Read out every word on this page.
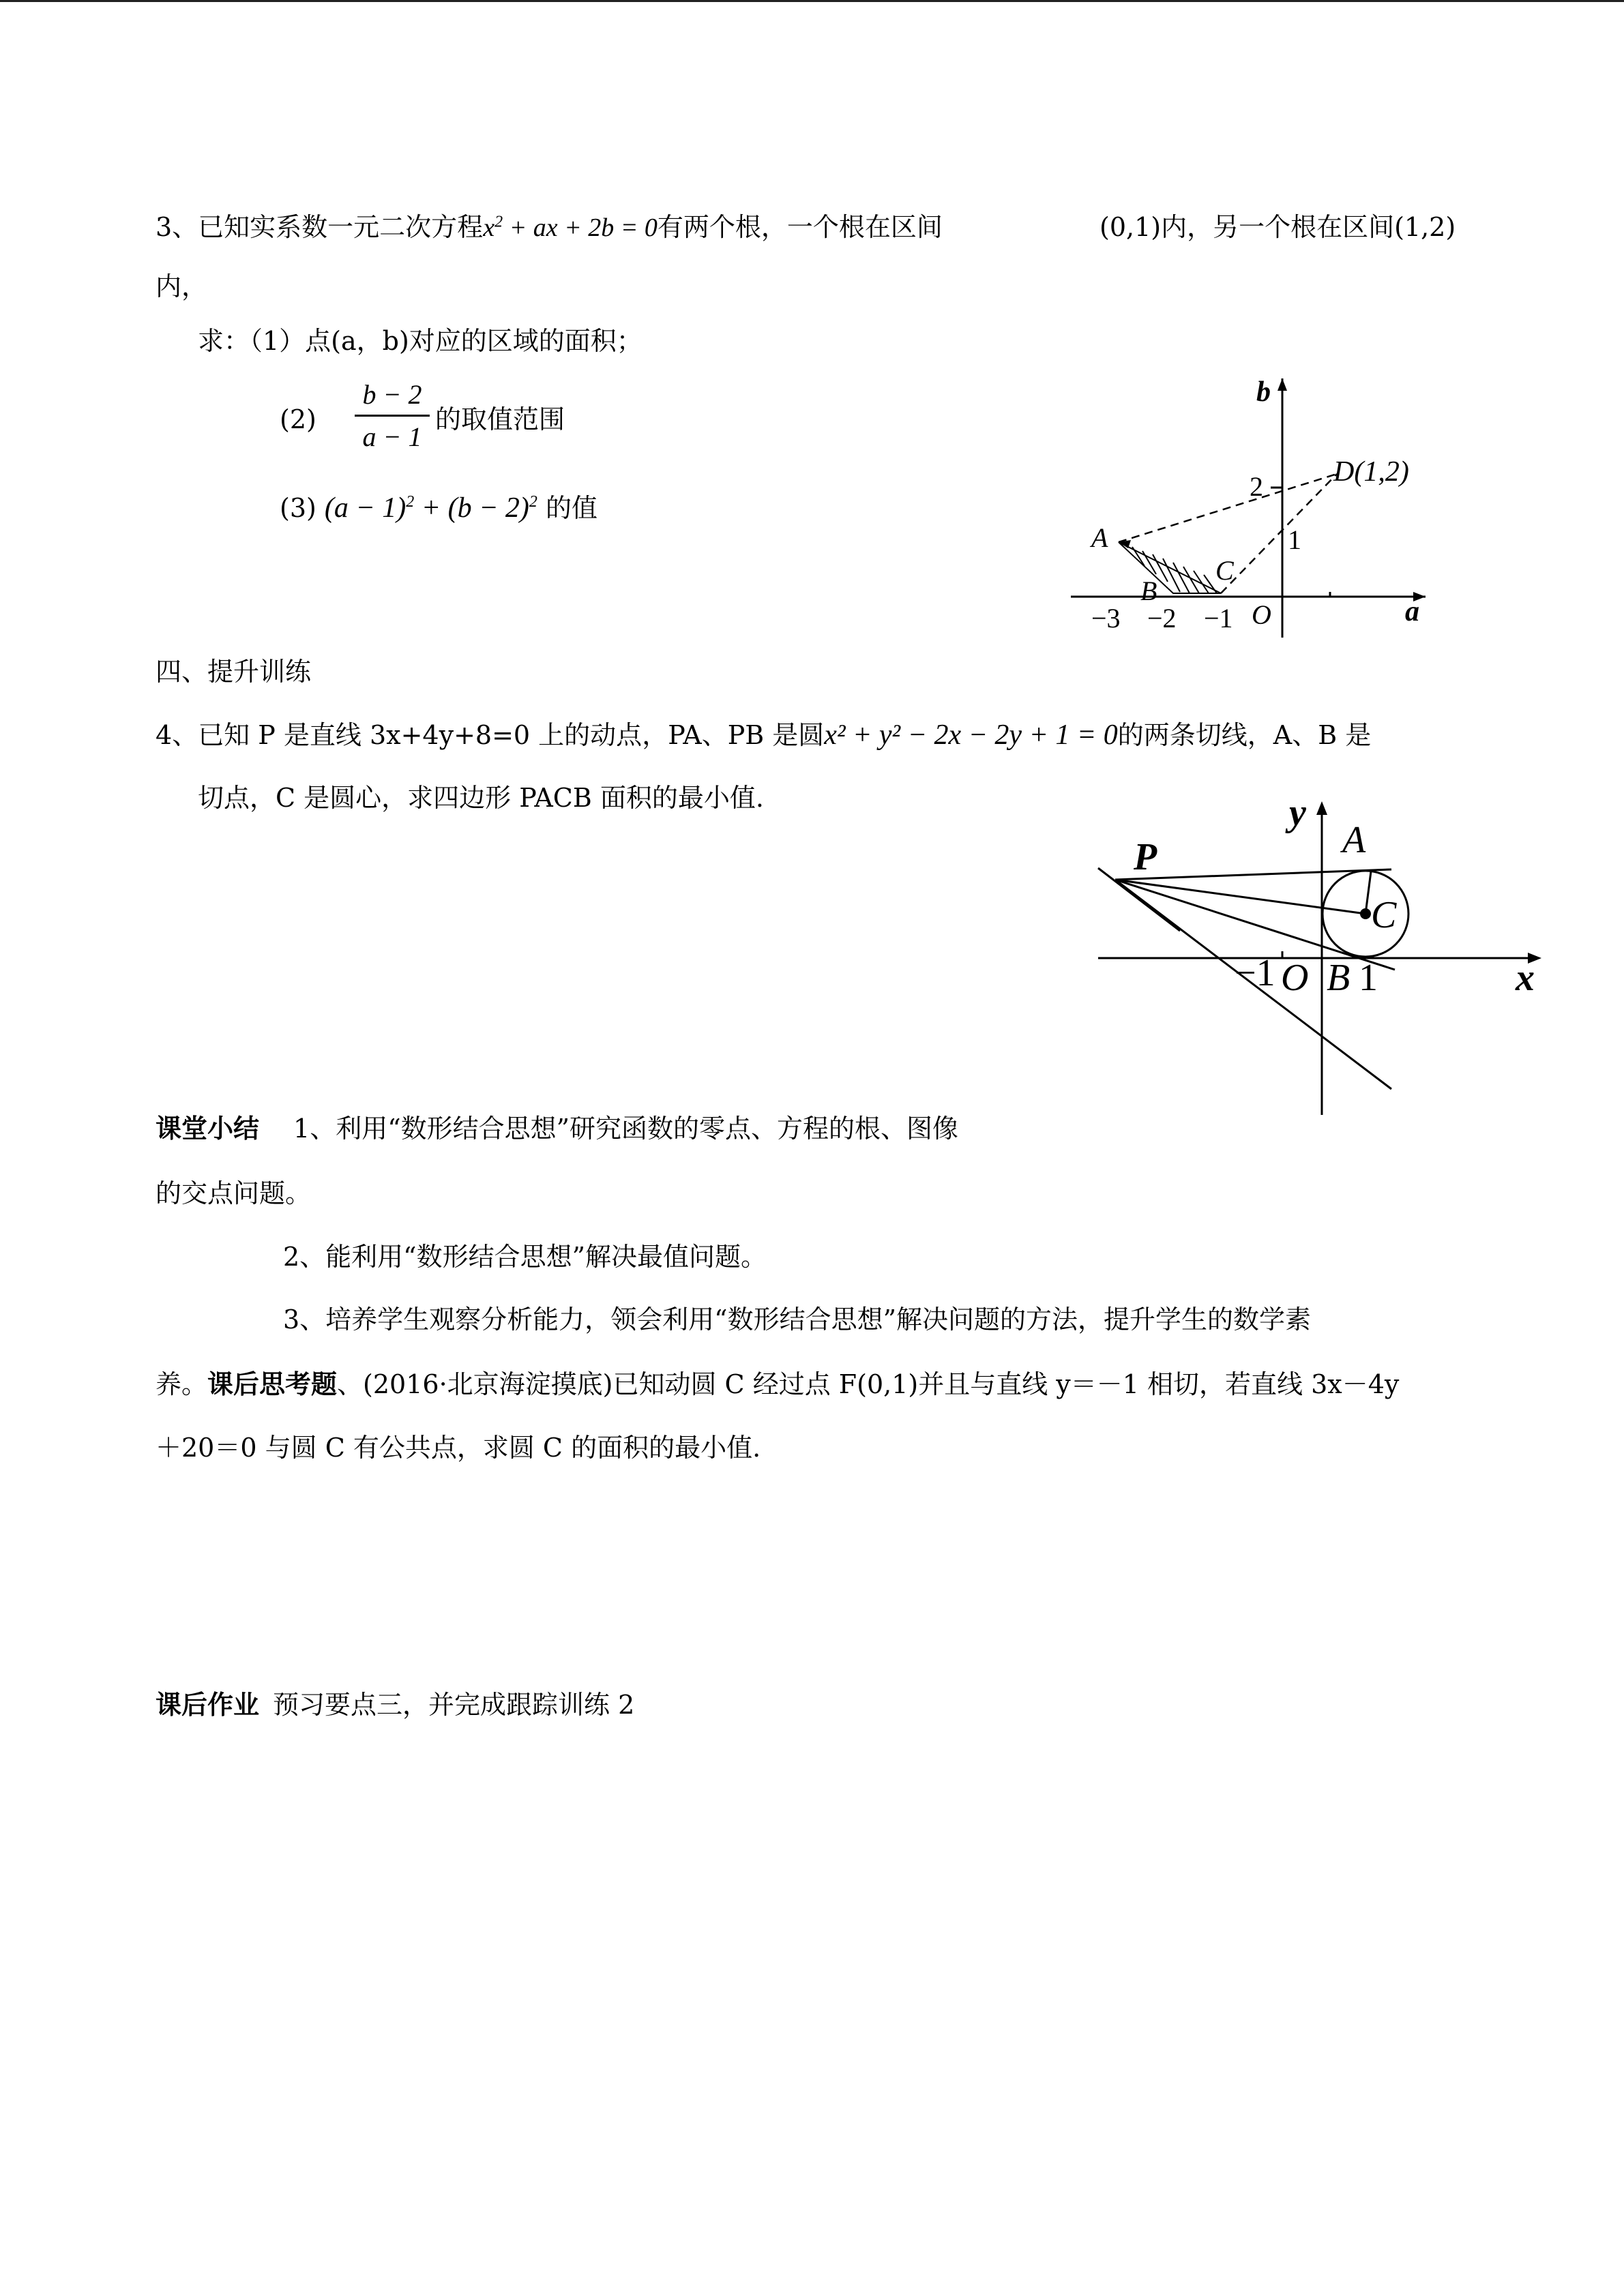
3、已知实系数一元二次方程$x^2$ + ax + 2b = 0有两个根，一个根在区间	(0,1)内，另一个根在区间(1,2)
内，
求：（1）点(a，b)对应的区域的面积；
(2)
b − 2
a − 1
的取值范围
(3) $(a - 1)^2 + (b - 2)^2$ 的值
b
a
D(1,2)
A
B
C
O
2
1
−3 −2 −1
四、提升训练
4、已知 P 是直线 3x+4y+8=0 上的动点，PA、PB 是圆x² + y² − 2x − 2y + 1 = 0的两条切线，A、B 是
切点，C 是圆心，求四边形 PACB 面积的最小值.	y
x
P	A
C
O B
−1 1
课堂小结 1、利用“数形结合思想”研究函数的零点、方程的根、图像
的交点问题。
2、能利用“数形结合思想”解决最值问题。
3、培养学生观察分析能力，领会利用“数形结合思想”解决问题的方法，提升学生的数学素
养。课后思考题、(2016·北京海淀摸底)已知动圆 C 经过点 F(0,1)并且与直线 y＝－1 相切，若直线 3x－4y
＋20＝0 与圆 C 有公共点，求圆 C 的面积的最小值.
课后作业 预习要点三，并完成跟踪训练 2
